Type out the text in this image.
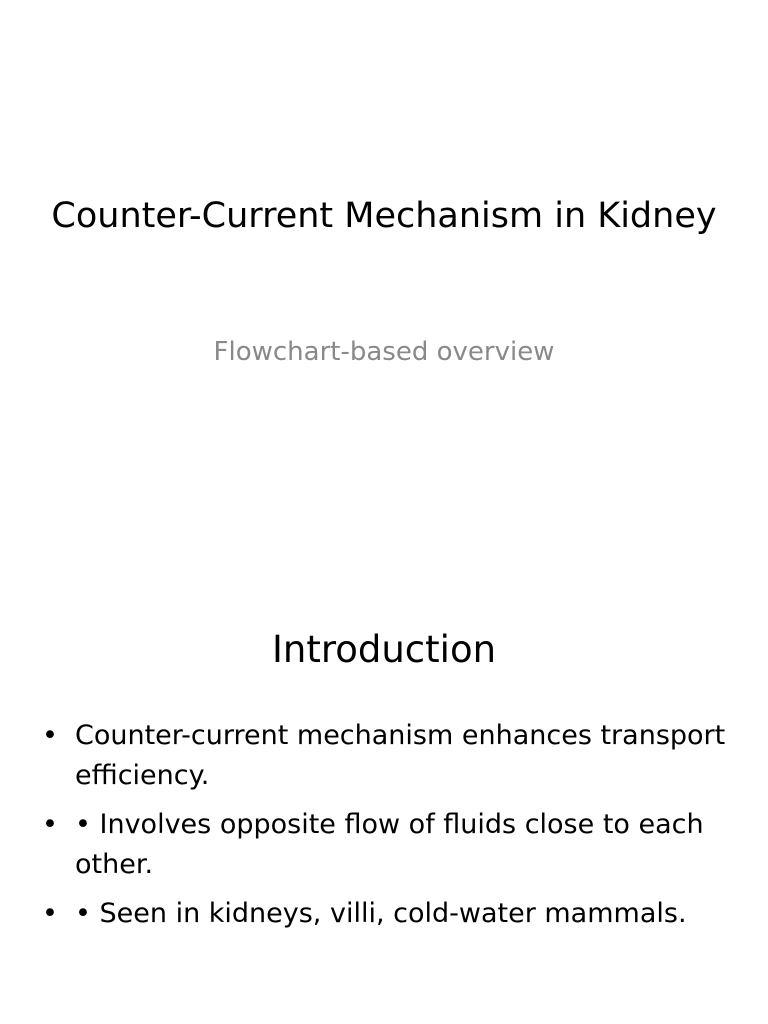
Counter-Current Mechanism in Kidney

Flowchart-based overview

Introduction
• Counter-current mechanism enhances transport efficiency.
• • Involves opposite flow of fluids close to each other.
• • Seen in kidneys, villi, cold-water mammals.
